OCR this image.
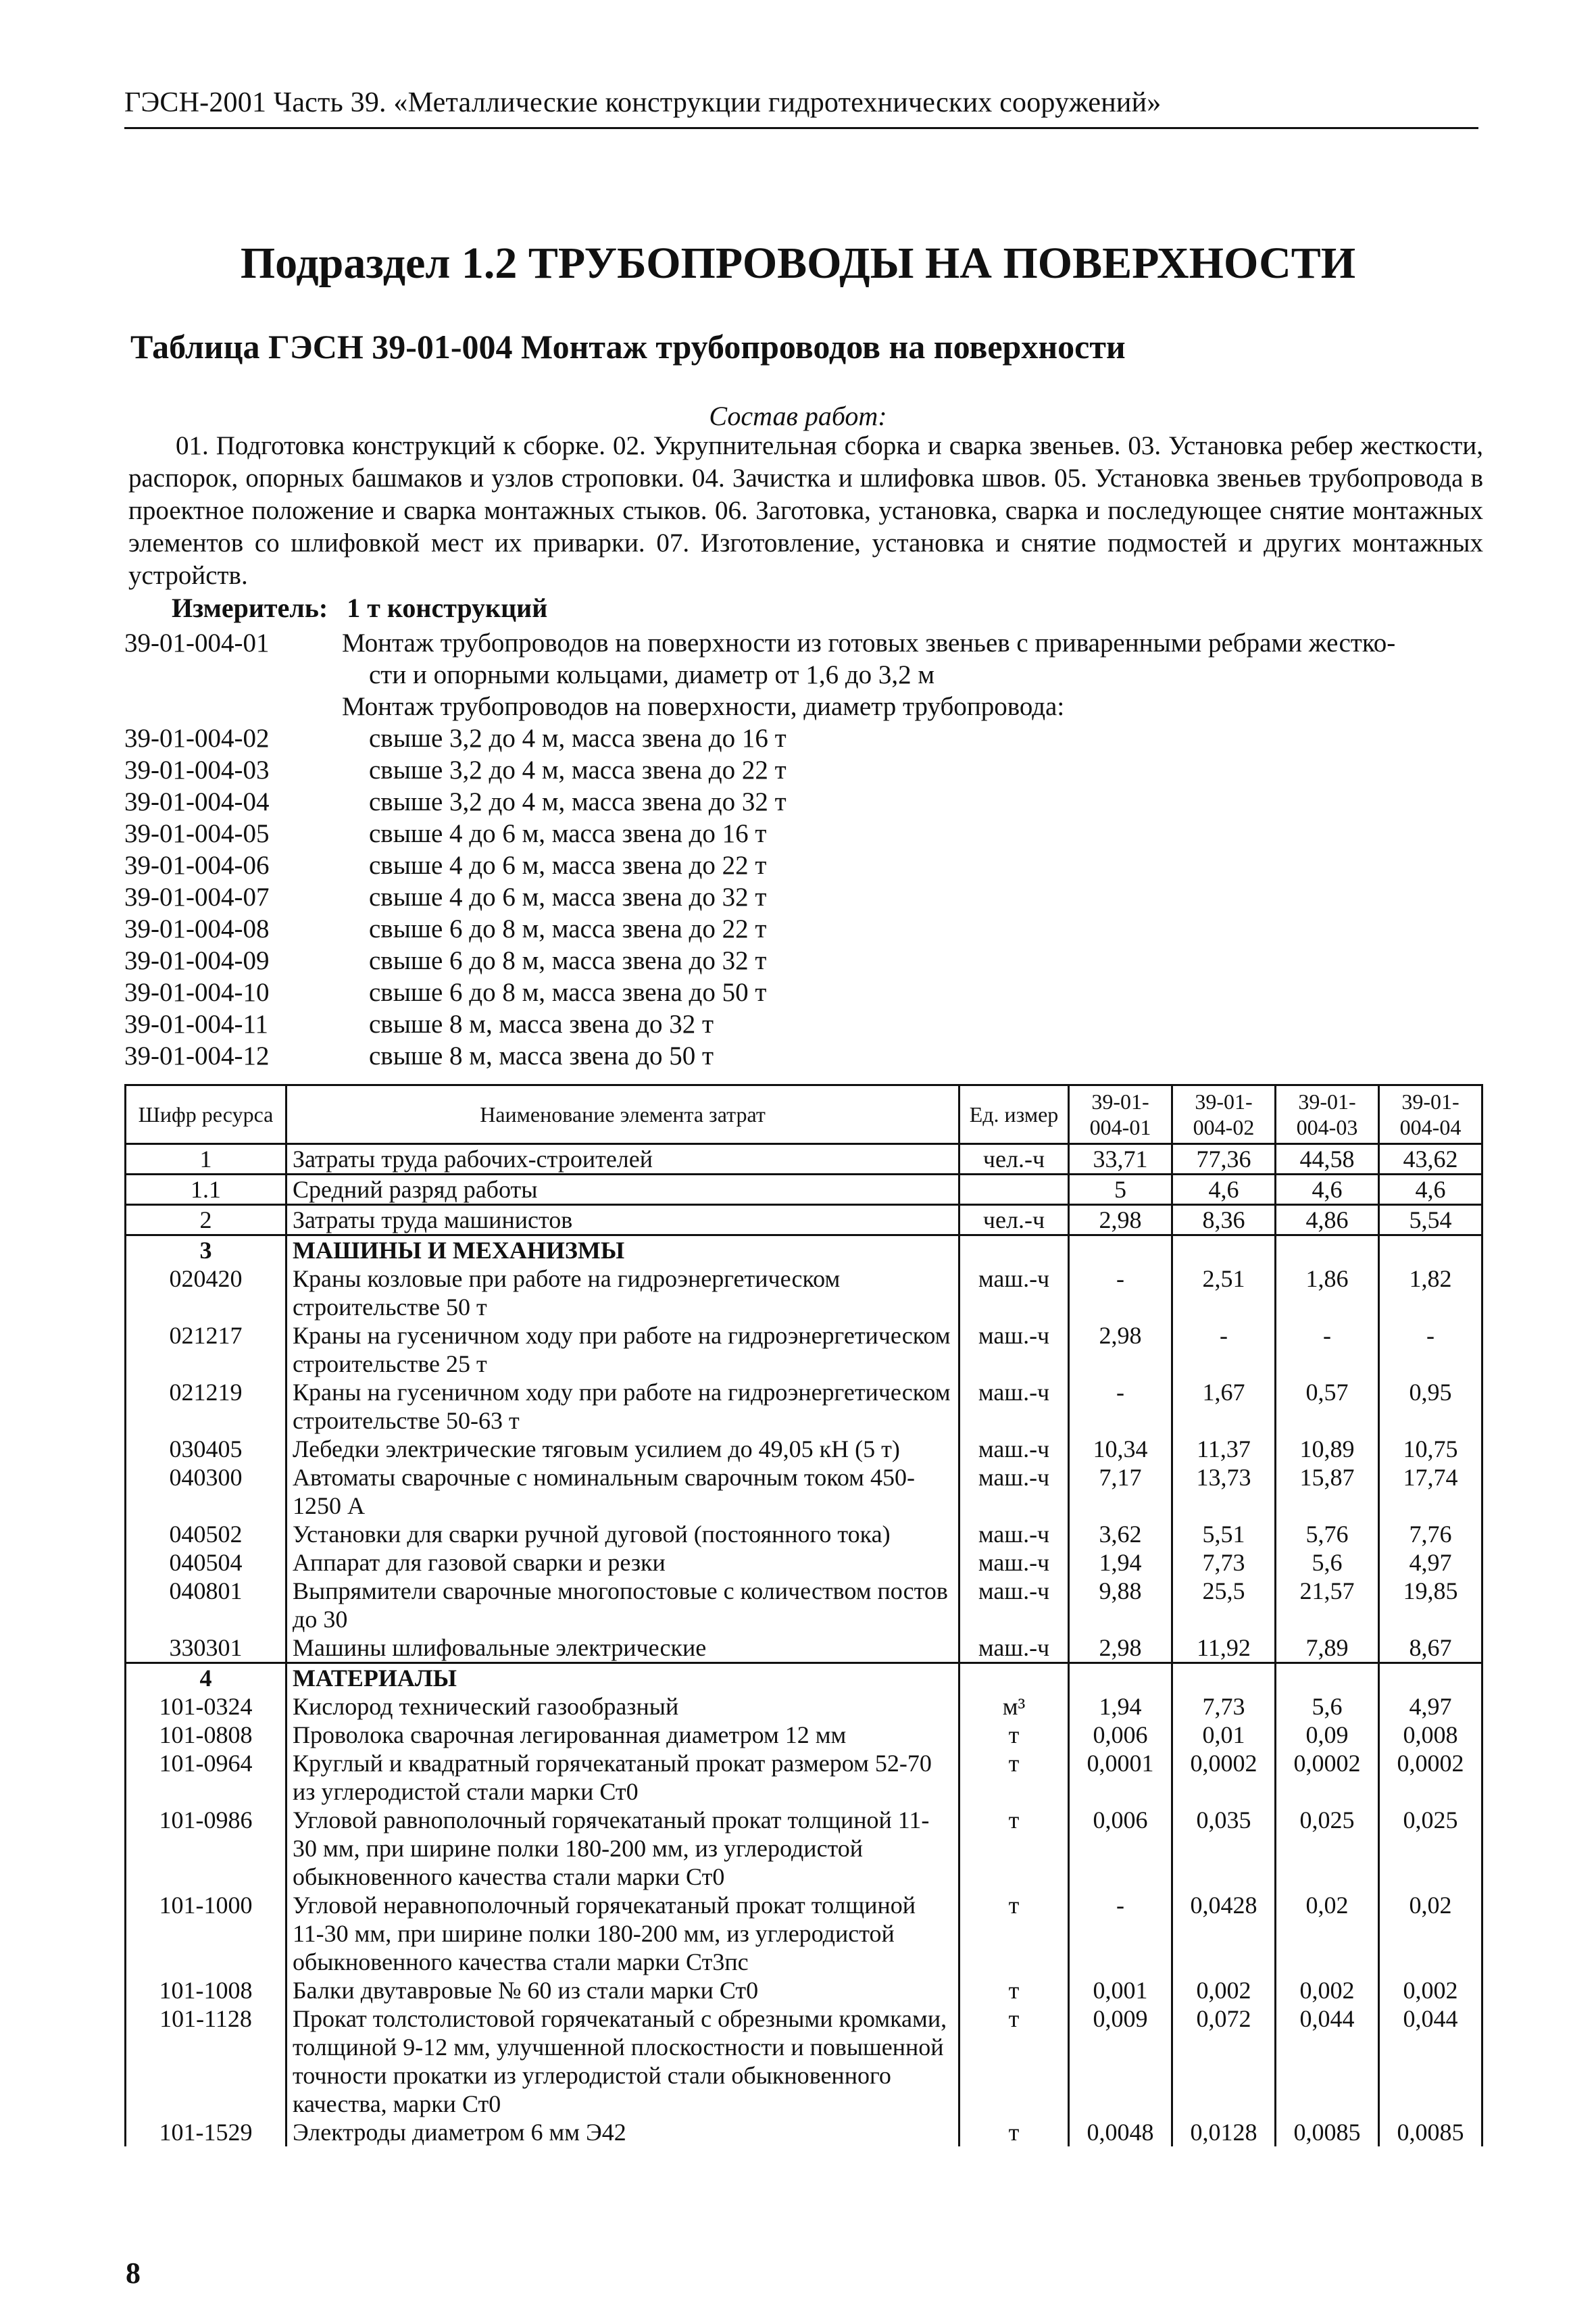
ГЭСН-2001 Часть 39. «Металлические конструкции гидротехнических сооружений»
Подраздел 1.2 ТРУБОПРОВОДЫ НА ПОВЕРХНОСТИ
Таблица ГЭСН 39-01-004 Монтаж трубопроводов на поверхности
Состав работ:
01. Подготовка конструкций к сборке. 02. Укрупнительная сборка и сварка звеньев. 03. Установка ребер жесткости, распорок, опорных башмаков и узлов строповки. 04. Зачистка и шлифовка швов. 05. Установка звеньев трубопровода в проектное положение и сварка монтажных стыков. 06. Заготовка, установка, сварка и последующее снятие монтажных элементов со шлифовкой мест их приварки. 07. Изготовление, установка и снятие подмостей и других монтажных устройств.
Измеритель: 1 т конструкций
39-01-004-01	Монтаж трубопроводов на поверхности из готовых звеньев с приваренными ребрами жестко-
сти и опорными кольцами, диаметр от 1,6 до 3,2 м
Монтаж трубопроводов на поверхности, диаметр трубопровода:
39-01-004-02	свыше 3,2 до 4 м, масса звена до 16 т
39-01-004-03	свыше 3,2 до 4 м, масса звена до 22 т
39-01-004-04	свыше 3,2 до 4 м, масса звена до 32 т
39-01-004-05	свыше 4 до 6 м, масса звена до 16 т
39-01-004-06	свыше 4 до 6 м, масса звена до 22 т
39-01-004-07	свыше 4 до 6 м, масса звена до 32 т
39-01-004-08	свыше 6 до 8 м, масса звена до 22 т
39-01-004-09	свыше 6 до 8 м, масса звена до 32 т
39-01-004-10	свыше 6 до 8 м, масса звена до 50 т
39-01-004-11	свыше 8 м, масса звена до 32 т
39-01-004-12	свыше 8 м, масса звена до 50 т
Шифр ресурса	Наименование элемента затрат	Ед. измер	39-01-004-01	39-01-004-02	39-01-004-03	39-01-004-04
1	Затраты труда рабочих-строителей	чел.-ч	33,71	77,36	44,58	43,62
1.1	Средний разряд работы		5	4,6	4,6	4,6
2	Затраты труда машинистов	чел.-ч	2,98	8,36	4,86	5,54
3	МАШИНЫ И МЕХАНИЗМЫ					
020420	Краны козловые при работе на гидроэнергетическом строительстве 50 т	маш.-ч	-	2,51	1,86	1,82
021217	Краны на гусеничном ходу при работе на гидроэнергетическом строительстве 25 т	маш.-ч	2,98	-	-	-
021219	Краны на гусеничном ходу при работе на гидроэнергетическом строительстве 50-63 т	маш.-ч	-	1,67	0,57	0,95
030405	Лебедки электрические тяговым усилием до 49,05 кН (5 т)	маш.-ч	10,34	11,37	10,89	10,75
040300	Автоматы сварочные с номинальным сварочным током 450-1250 А	маш.-ч	7,17	13,73	15,87	17,74
040502	Установки для сварки ручной дуговой (постоянного тока)	маш.-ч	3,62	5,51	5,76	7,76
040504	Аппарат для газовой сварки и резки	маш.-ч	1,94	7,73	5,6	4,97
040801	Выпрямители сварочные многопостовые с количеством постов до 30	маш.-ч	9,88	25,5	21,57	19,85
330301	Машины шлифовальные электрические	маш.-ч	2,98	11,92	7,89	8,67
4	МАТЕРИАЛЫ					
101-0324	Кислород технический газообразный	м³	1,94	7,73	5,6	4,97
101-0808	Проволока сварочная легированная диаметром 12 мм	т	0,006	0,01	0,09	0,008
101-0964	Круглый и квадратный горячекатаный прокат размером 52-70 из углеродистой стали марки Ст0	т	0,0001	0,0002	0,0002	0,0002
101-0986	Угловой равнополочный горячекатаный прокат толщиной 11-30 мм, при ширине полки 180-200 мм, из углеродистой обыкновенного качества стали марки Ст0	т	0,006	0,035	0,025	0,025
101-1000	Угловой неравнополочный горячекатаный прокат толщиной 11-30 мм, при ширине полки 180-200 мм, из углеродистой обыкновенного качества стали марки Ст3пс	т	-	0,0428	0,02	0,02
101-1008	Балки двутавровые № 60 из стали марки Ст0	т	0,001	0,002	0,002	0,002
101-1128	Прокат толстолистовой горячекатаный с обрезными кромками, толщиной 9-12 мм, улучшенной плоскостности и повышенной точности прокатки из углеродистой стали обыкновенного качества, марки Ст0	т	0,009	0,072	0,044	0,044
101-1529	Электроды диаметром 6 мм Э42	т	0,0048	0,0128	0,0085	0,0085
8
